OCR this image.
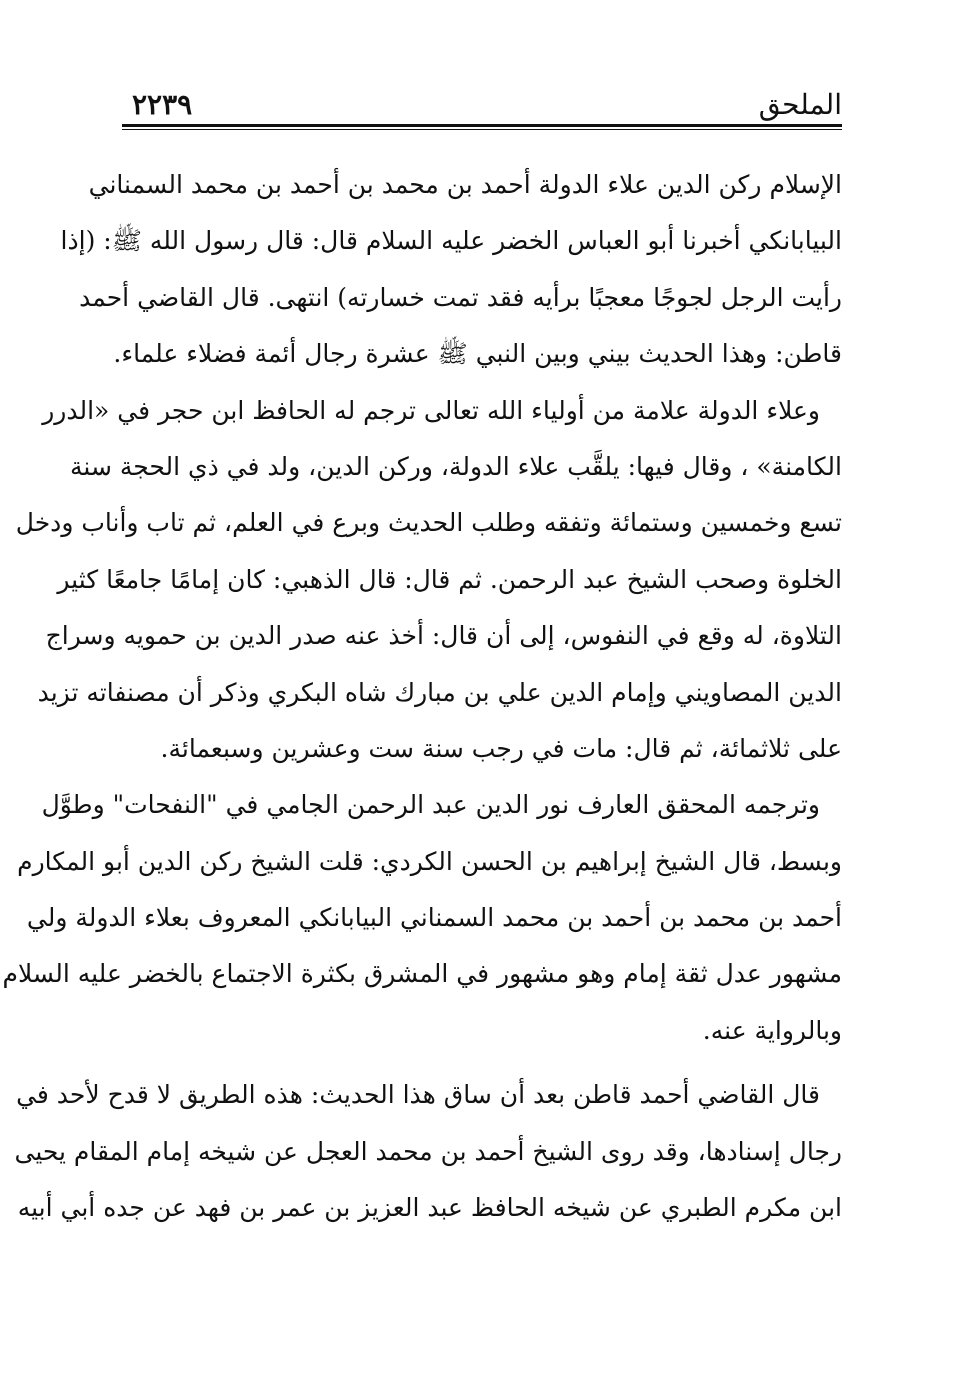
الملحق
٢٢٣٩
الإسلام ركن الدين علاء الدولة أحمد بن محمد بن أحمد بن محمد السمناني
البيابانكي أخبرنا أبو العباس الخضر عليه السلام قال: قال رسول الله ﷺ: (إذا
رأيت الرجل لجوجًا معجبًا برأيه فقد تمت خسارته) انتهى. قال القاضي أحمد
قاطن: وهذا الحديث بيني وبين النبي ﷺ عشرة رجال أئمة فضلاء علماء.
وعلاء الدولة علامة من أولياء الله تعالى ترجم له الحافظ ابن حجر في «الدرر
الكامنة» ، وقال فيها: يلقَّب علاء الدولة، وركن الدين، ولد في ذي الحجة سنة
تسع وخمسين وستمائة وتفقه وطلب الحديث وبرع في العلم، ثم تاب وأناب ودخل
الخلوة وصحب الشيخ عبد الرحمن. ثم قال: قال الذهبي: كان إمامًا جامعًا كثير
التلاوة، له وقع في النفوس، إلى أن قال: أخذ عنه صدر الدين بن حمويه وسراج
الدين المصاويني وإمام الدين علي بن مبارك شاه البكري وذكر أن مصنفاته تزيد
على ثلاثمائة، ثم قال: مات في رجب سنة ست وعشرين وسبعمائة.
وترجمه المحقق العارف نور الدين عبد الرحمن الجامي في "النفحات" وطوَّل
وبسط، قال الشيخ إبراهيم بن الحسن الكردي: قلت الشيخ ركن الدين أبو المكارم
أحمد بن محمد بن أحمد بن محمد السمناني البيابانكي المعروف بعلاء الدولة ولي
مشهور عدل ثقة إمام وهو مشهور في المشرق بكثرة الاجتماع بالخضر عليه السلام
وبالرواية عنه.
قال القاضي أحمد قاطن بعد أن ساق هذا الحديث: هذه الطريق لا قدح لأحد في
رجال إسنادها، وقد روى الشيخ أحمد بن محمد العجل عن شيخه إمام المقام يحيى
ابن مكرم الطبري عن شيخه الحافظ عبد العزيز بن عمر بن فهد عن جده أبي أبيه
